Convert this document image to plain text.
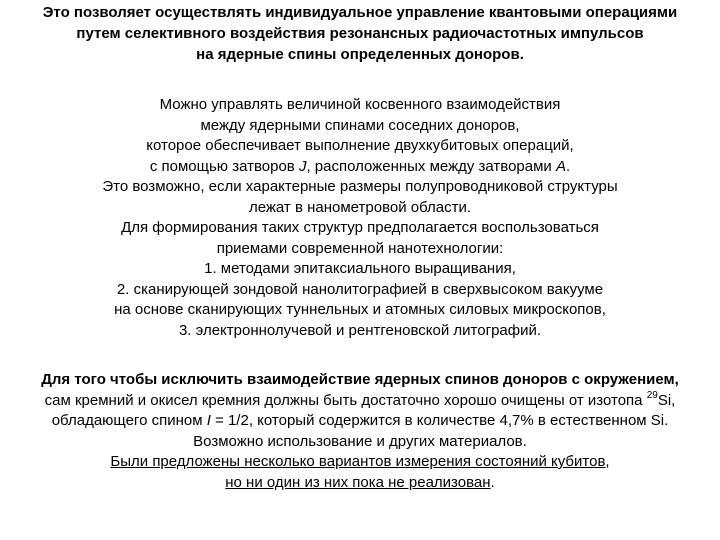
Это позволяет осуществлять индивидуальное управление квантовыми операциями
путем селективного воздействия резонансных радиочастотных импульсов
на ядерные спины определенных доноров.
Можно управлять величиной косвенного взаимодействия
между ядерными спинами соседних доноров,
которое обеспечивает выполнение двухкубитовых операций,
с помощью затворов J, расположенных между затворами A.
Это возможно, если характерные размеры полупроводниковой структуры
лежат в нанометровой области.
Для формирования таких структур предполагается воспользоваться
приемами современной нанотехнологии:
1. методами эпитаксиального выращивания,
2. сканирующей зондовой нанолитографией в сверхвысоком вакууме
на основе сканирующих туннельных и атомных силовых микроскопов,
3. электроннолучевой и рентгеновской литографий.
Для того чтобы исключить взаимодействие ядерных спинов доноров с окружением,
сам кремний и окисел кремния должны быть достаточно хорошо очищены от изотопа $^{29}$Si,
обладающего спином I = 1/2, который содержится в количестве 4,7% в естественном Si.
Возможно использование и других материалов.
Были предложены несколько вариантов измерения состояний кубитов,
но ни один из них пока не реализован.
